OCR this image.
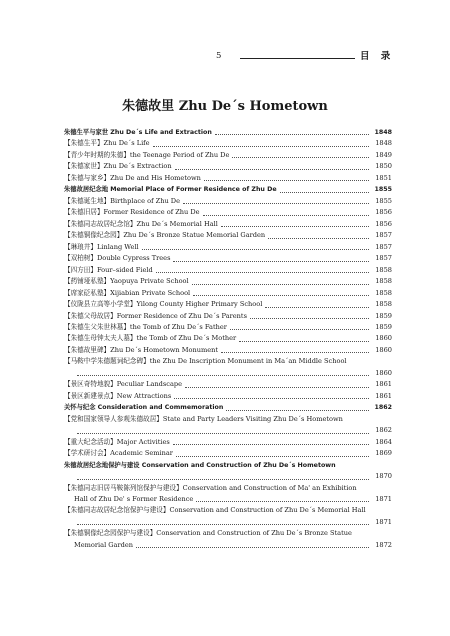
5	目 录
朱德故里 Zhu De´s Hometown
朱德生平与家世 Zhu De´s Life and Extraction	1848
【朱德生平】Zhu De´s Life	1848
【青少年时期的朱德】the Teenage Period of Zhu De	1849
【朱德家世】Zhu De´s Extraction	1850
【朱德与家乡】Zhu De and His Hometown	1851
朱德故居纪念地 Memorial Place of Former Residence of Zhu De	1855
【朱德诞生地】Birthplace of Zhu De	1855
【朱德旧居】Former Residence of Zhu De	1856
【朱德同志故居纪念馆】Zhu De´s Memorial Hall	1856
【朱德铜像纪念园】Zhu De´s Bronze Statue Memorial Garden	1857
【琳琅井】Linlang Well	1857
【双柏树】Double Cypress Trees	1857
【四方田】Four–sided Field	1858
【药铺垭私塾】Yaopuya Private School	1858
【席家砭私塾】Xijiabian Private School	1858
【仪陇县立高等小学堂】Yilong County Higher Primary School	1858
【朱德父母故居】Former Residence of Zhu De´s Parents	1859
【朱德生父朱世林墓】the Tomb of Zhu De´s Father	1859
【朱德生母钟太夫人墓】the Tomb of Zhu De´s Mother	1860
【朱德故里碑】Zhu De´s Hometown Monument	1860
【马鞍中学朱德题词纪念碑】the Zhu De Inscription Monument in Ma´an Middle School
1860
【景区奇特地貌】Peculiar Landscape	1861
【景区新建景点】New Attractions	1861
关怀与纪念 Consideration and Commemoration	1862
【党和国家领导人参观朱德故居】State and Party Leaders Visiting Zhu De´s Hometown
1862
【重大纪念活动】Major Activities	1864
【学术研讨会】Academic Seminar	1869
朱德故居纪念地保护与建设 Conservation and Construction of Zhu De´s Hometown
1870
【朱德同志旧居马鞍陈列馆保护与建设】Conservation and Construction of Ma' an Exhibition
Hall of Zhu De' s Former Residence	1871
【朱德同志故居纪念馆保护与建设】Conservation and Construction of Zhu De´s Memorial Hall
1871
【朱德铜像纪念园保护与建设】Conservation and Construction of Zhu De´s Bronze Statue
Memorial Garden	1872
